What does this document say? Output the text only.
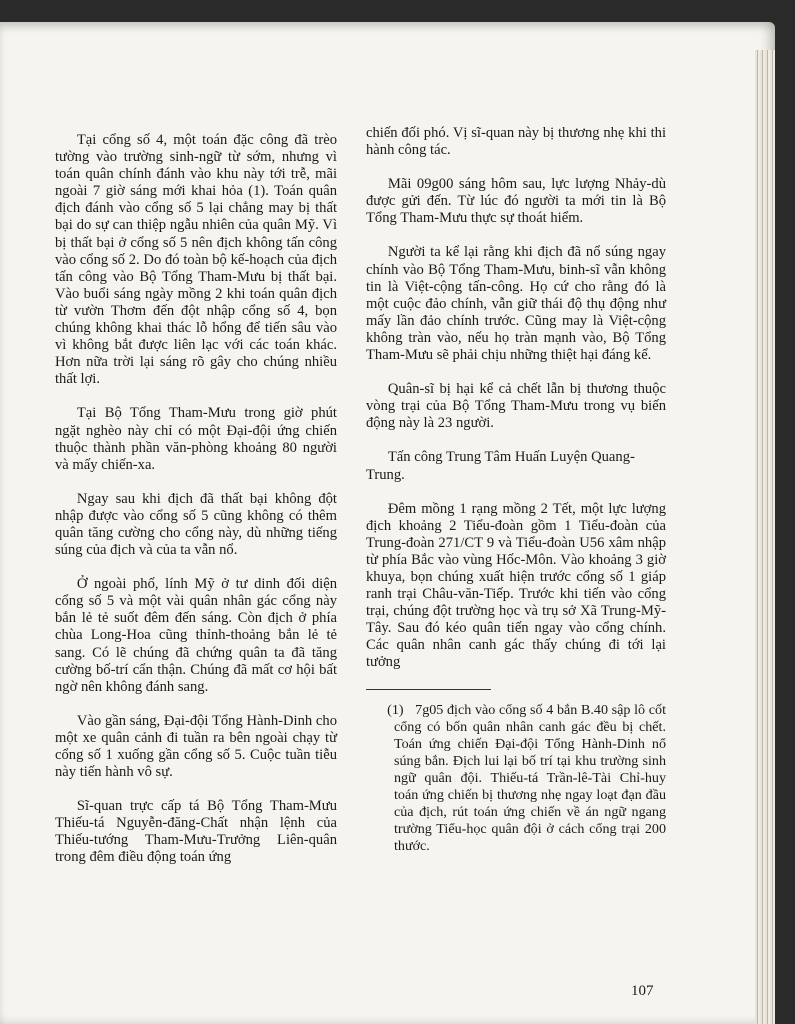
Tại cổng số 4, một toán đặc công đã trèo tường vào trường sinh-ngữ từ sớm, nhưng vì toán quân chính đánh vào khu này tới trễ, mãi ngoài 7 giờ sáng mới khai hỏa (1). Toán quân địch đánh vào cổng số 5 lại chẳng may bị thất bại do sự can thiệp ngẫu nhiên của quân Mỹ. Vì bị thất bại ở cổng số 5 nên địch không tấn công vào cổng số 2. Do đó toàn bộ kế-hoạch của địch tấn công vào Bộ Tổng Tham-Mưu bị thất bại. Vào buổi sáng ngày mồng 2 khi toán quân địch từ vườn Thơm đến đột nhập cổng số 4, bọn chúng không khai thác lỗ hổng để tiến sâu vào vì không bắt được liên lạc với các toán khác. Hơn nữa trời lại sáng rõ gây cho chúng nhiều thất lợi.

Tại Bộ Tổng Tham-Mưu trong giờ phút ngặt nghèo này chỉ có một Đại-đội ứng chiến thuộc thành phần văn-phòng khoảng 80 người và mấy chiến-xa.

Ngay sau khi địch đã thất bại không đột nhập được vào cổng số 5 cũng không có thêm quân tăng cường cho cổng này, dù những tiếng súng của địch và của ta vẫn nổ.

Ở ngoài phố, lính Mỹ ở tư dinh đối diện cổng số 5 và một vài quân nhân gác cổng này bắn lẻ tẻ suốt đêm đến sáng. Còn địch ở phía chùa Long-Hoa cũng thỉnh-thoảng bắn lẻ tẻ sang. Có lẽ chúng đã chứng quân ta đã tăng cường bố-trí cẩn thận. Chúng đã mất cơ hội bất ngờ nên không đánh sang.

Vào gần sáng, Đại-đội Tổng Hành-Dinh cho một xe quân cảnh đi tuần ra bên ngoài chạy từ cổng số 1 xuống gần cổng số 5. Cuộc tuần tiễu này tiến hành vô sự.

Sĩ-quan trực cấp tá Bộ Tổng Tham-Mưu Thiếu-tá Nguyễn-đăng-Chất nhận lệnh của Thiếu-tướng Tham-Mưu-Trưởng Liên-quân trong đêm điều động toán ứng

chiến đối phó. Vị sĩ-quan này bị thương nhẹ khi thi hành công tác.

Mãi 09g00 sáng hôm sau, lực lượng Nhảy-dù được gửi đến. Từ lúc đó người ta mới tin là Bộ Tổng Tham-Mưu thực sự thoát hiểm.

Người ta kể lại rằng khi địch đã nổ súng ngay chính vào Bộ Tổng Tham-Mưu, binh-sĩ vẫn không tin là Việt-cộng tấn-công. Họ cứ cho rằng đó là một cuộc đảo chính, vẫn giữ thái độ thụ động như mấy lần đảo chính trước. Cũng may là Việt-cộng không tràn vào, nếu họ tràn mạnh vào, Bộ Tổng Tham-Mưu sẽ phải chịu những thiệt hại đáng kể.

Quân-sĩ bị hại kể cả chết lẫn bị thương thuộc vòng trại của Bộ Tổng Tham-Mưu trong vụ biến động này là 23 người.

Tấn công Trung Tâm Huấn Luyện Quang-Trung.

Đêm mồng 1 rạng mồng 2 Tết, một lực lượng địch khoảng 2 Tiểu-đoàn gồm 1 Tiểu-đoàn của Trung-đoàn 271/CT 9 và Tiểu-đoàn U56 xâm nhập từ phía Bắc vào vùng Hốc-Môn. Vào khoảng 3 giờ khuya, bọn chúng xuất hiện trước cổng số 1 giáp ranh trại Châu-văn-Tiếp. Trước khi tiến vào cổng trại, chúng đột trường học và trụ sở Xã Trung-Mỹ-Tây. Sau đó kéo quân tiến ngay vào cổng chính. Các quân nhân canh gác thấy chúng đi tới lại tưởng

(1) 7g05 địch vào cổng số 4 bắn B.40 sập lô cốt cổng có bốn quân nhân canh gác đều bị chết. Toán ứng chiến Đại-đội Tổng Hành-Dinh nổ súng bắn. Địch lui lại bố trí tại khu trường sinh ngữ quân đội. Thiếu-tá Trần-lê-Tài Chỉ-huy toán ứng chiến bị thương nhẹ ngay loạt đạn đầu của địch, rút toán ứng chiến về án ngữ ngang trường Tiểu-học quân đội ở cách cổng trại 200 thước.

107
